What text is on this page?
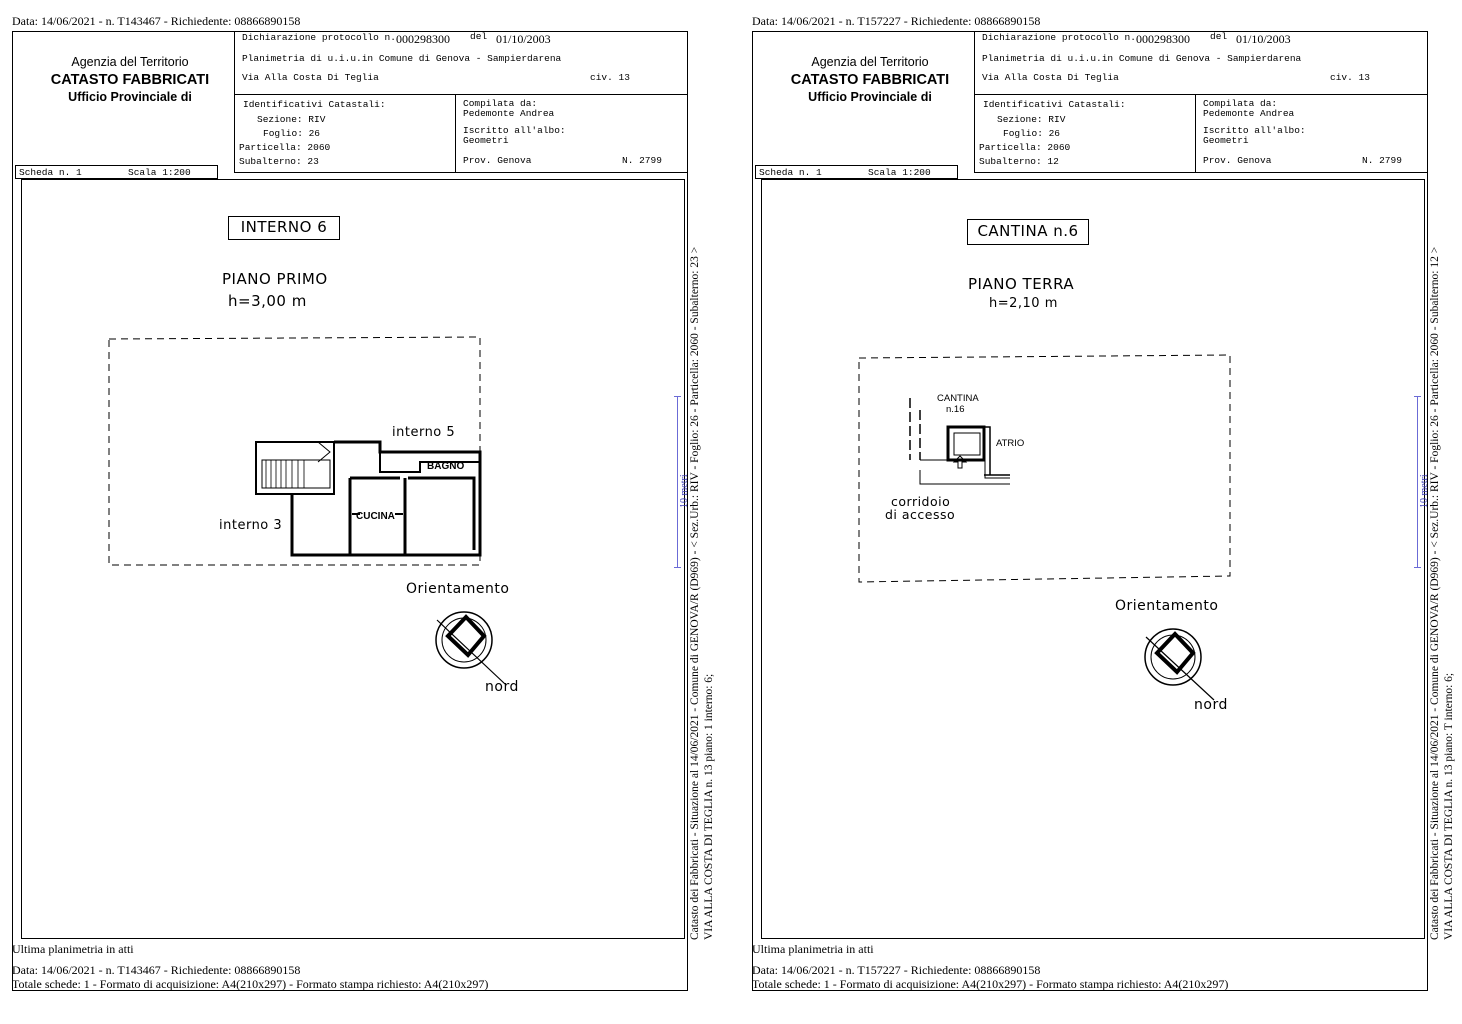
Data: 14/06/2021 - n. T143467 - Richiedente: 08866890158
Agenzia del Territorio
CATASTO FABBRICATI
Ufficio Provinciale di
Dichiarazione protocollo n. 000298300 del 01/10/2003
Planimetria di u.i.u.in Comune di Genova - Sampierdarena
Via Alla Costa Di Teglia	civ. 13
Identificativi Catastali:
Sezione: RIV
Foglio: 26
Particella: 2060
Subalterno: 23
Compilata da:
Pedemonte Andrea
Iscritto all'albo:
Geometri
Prov. Genova	N. 2799
Scheda n. 1	Scala 1:200
INTERNO 6
PIANO PRIMO
h=3,00 m
interno 5
BAGNO
CUCINA
interno 3
Orientamento
nord
10 metri Catasto dei Fabbricati - Situazione al 14/06/2021 - Comune di GENOVA/R (D969) - < Sez.Urb.: RIV - Foglio: 26 - Particella: 2060 - Subalterno: 23 > VIA ALLA COSTA DI TEGLIA n. 13 piano: 1 interno: 6;
Ultima planimetria in atti
Data: 14/06/2021 - n. T143467 - Richiedente: 08866890158
Totale schede: 1 - Formato di acquisizione: A4(210x297) - Formato stampa richiesto: A4(210x297)
Data: 14/06/2021 - n. T157227 - Richiedente: 08866890158
Agenzia del Territorio
CATASTO FABBRICATI
Ufficio Provinciale di
Dichiarazione protocollo n. 000298300 del 01/10/2003
Planimetria di u.i.u.in Comune di Genova - Sampierdarena
Via Alla Costa Di Teglia	civ. 13
Identificativi Catastali:
Sezione: RIV
Foglio: 26
Particella: 2060
Subalterno: 12
Compilata da:
Pedemonte Andrea
Iscritto all'albo:
Geometri
Prov. Genova	N. 2799
Scheda n. 1	Scala 1:200
CANTINA n.6
PIANO TERRA
h=2,10 m
CANTINA
n.16
ATRIO
corridoio
di accesso
Orientamento
nord
10 metri Catasto dei Fabbricati - Situazione al 14/06/2021 - Comune di GENOVA/R (D969) - < Sez.Urb.: RIV - Foglio: 26 - Particella: 2060 - Subalterno: 12 > VIA ALLA COSTA DI TEGLIA n. 13 piano: T interno: 6;
Ultima planimetria in atti
Data: 14/06/2021 - n. T157227 - Richiedente: 08866890158
Totale schede: 1 - Formato di acquisizione: A4(210x297) - Formato stampa richiesto: A4(210x297)
